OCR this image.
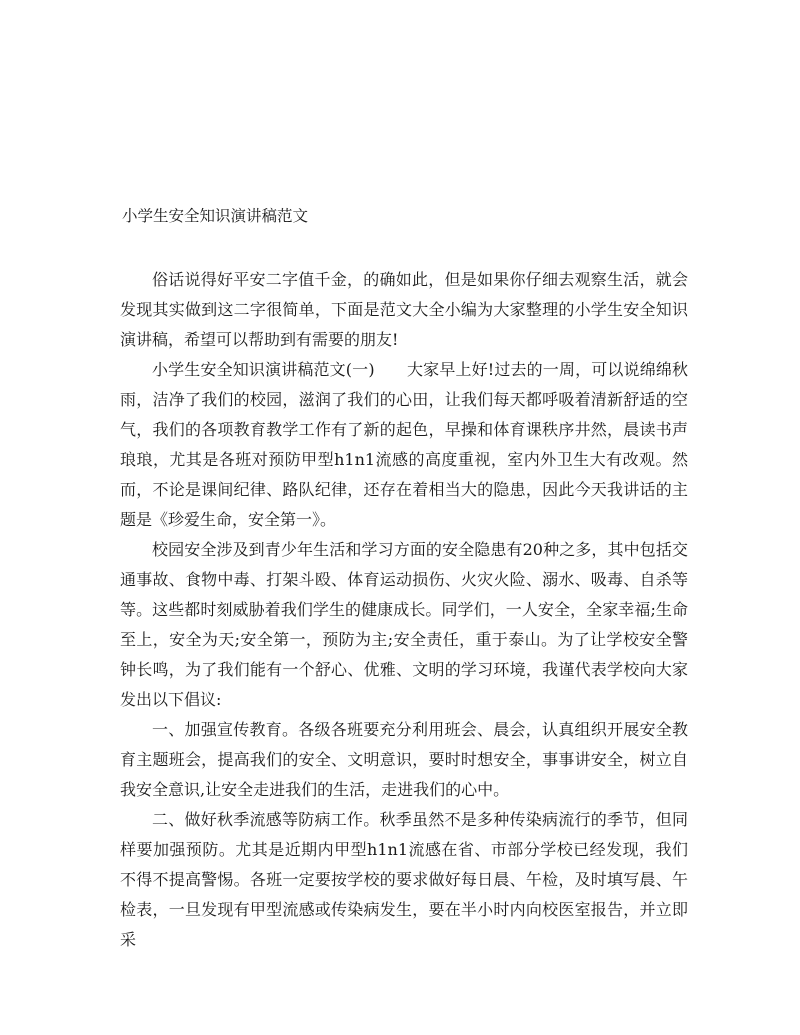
小学生安全知识演讲稿范文

俗话说得好平安二字值千金，的确如此，但是如果你仔细去观察生活，就会发现其实做到这二字很简单，下面是范文大全小编为大家整理的小学生安全知识演讲稿，希望可以帮助到有需要的朋友!

小学生安全知识演讲稿范文(一)　　大家早上好!过去的一周，可以说绵绵秋雨，洁净了我们的校园，滋润了我们的心田，让我们每天都呼吸着清新舒适的空气，我们的各项教育教学工作有了新的起色，早操和体育课秩序井然，晨读书声琅琅，尤其是各班对预防甲型h1n1流感的高度重视，室内外卫生大有改观。然而，不论是课间纪律、路队纪律，还存在着相当大的隐患，因此今天我讲话的主题是《珍爱生命，安全第一》。

校园安全涉及到青少年生活和学习方面的安全隐患有20种之多，其中包括交通事故、食物中毒、打架斗殴、体育运动损伤、火灾火险、溺水、吸毒、自杀等等。这些都时刻威胁着我们学生的健康成长。同学们，一人安全，全家幸福;生命至上，安全为天;安全第一，预防为主;安全责任，重于泰山。为了让学校安全警钟长鸣，为了我们能有一个舒心、优雅、文明的学习环境，我谨代表学校向大家发出以下倡议:

一、加强宣传教育。各级各班要充分利用班会、晨会，认真组织开展安全教育主题班会，提高我们的安全、文明意识，要时时想安全，事事讲安全，树立自我安全意识,让安全走进我们的生活，走进我们的心中。

二、做好秋季流感等防病工作。秋季虽然不是多种传染病流行的季节，但同样要加强预防。尤其是近期内甲型h1n1流感在省、市部分学校已经发现，我们不得不提高警惕。各班一定要按学校的要求做好每日晨、午检，及时填写晨、午检表，一旦发现有甲型流感或传染病发生，要在半小时内向校医室报告，并立即采
